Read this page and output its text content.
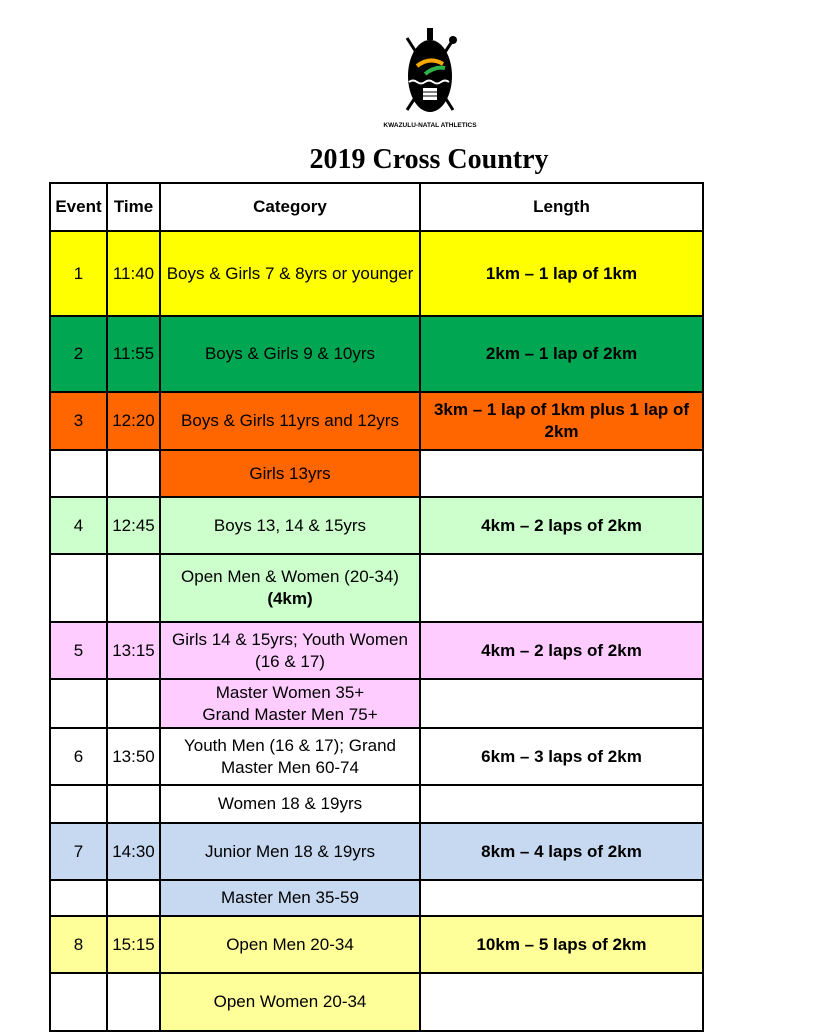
KWAZULU-NATAL ATHLETICS
2019 Cross Country
Event	Time	Category	Length
1	11:40	Boys & Girls 7 & 8yrs or younger	1km – 1 lap of 1km
2	11:55	Boys & Girls 9 & 10yrs	2km – 1 lap of 2km
3	12:20	Boys & Girls 11yrs and 12yrs	3km – 1 lap of 1km plus 1 lap of 2km
		Girls 13yrs	
4	12:45	Boys 13, 14 & 15yrs	4km – 2 laps of 2km
		Open Men & Women (20-34)(4km)	
5	13:15	Girls 14 & 15yrs; Youth Women (16 & 17)	4km – 2 laps of 2km
		Master Women 35+
Grand Master Men 75+	
6	13:50	Youth Men (16 & 17); Grand Master Men 60-74	6km – 3 laps of 2km
		Women 18 & 19yrs	
7	14:30	Junior Men 18 & 19yrs	8km – 4 laps of 2km
		Master Men 35-59	
8	15:15	Open Men 20-34	10km – 5 laps of 2km
		Open Women 20-34	
